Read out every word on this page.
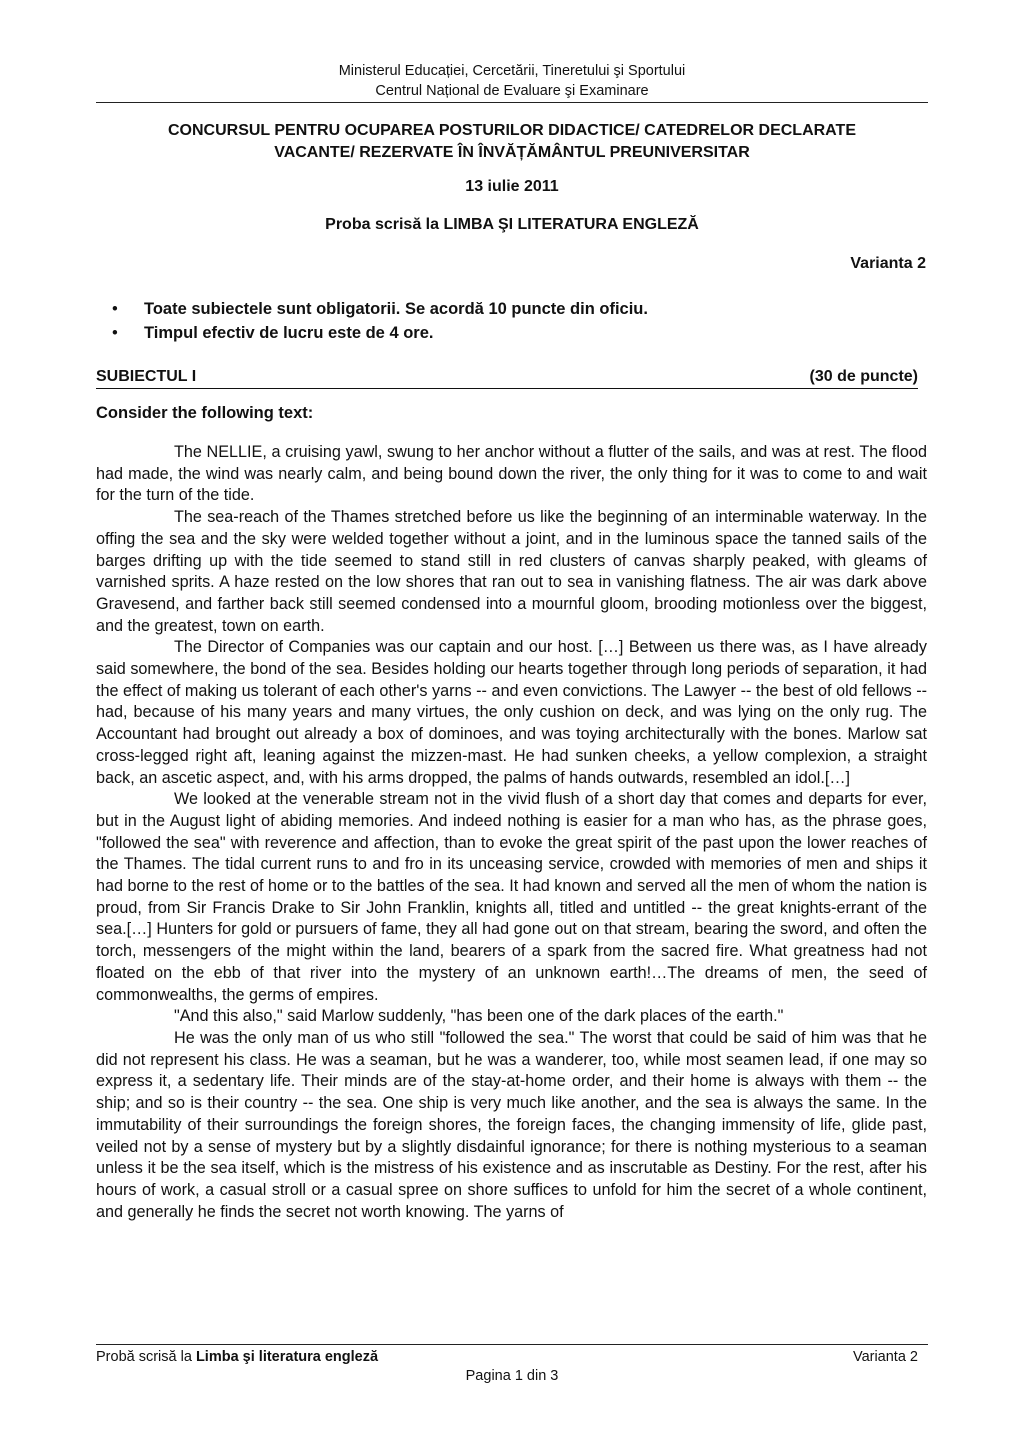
Ministerul Educației, Cercetării, Tineretului şi Sportului
Centrul Național de Evaluare şi Examinare
CONCURSUL PENTRU OCUPAREA POSTURILOR DIDACTICE/ CATEDRELOR DECLARATE
VACANTE/ REZERVATE ÎN ÎNVĂȚĂMÂNTUL PREUNIVERSITAR
13 iulie 2011
Proba scrisă la LIMBA ŞI LITERATURA ENGLEZĂ
Varianta 2
• Toate subiectele sunt obligatorii. Se acordă 10 puncte din oficiu.
• Timpul efectiv de lucru este de 4 ore.
SUBIECTUL I	(30 de puncte)
Consider the following text:

The NELLIE, a cruising yawl, swung to her anchor without a flutter of the sails, and was at rest. The flood had made, the wind was nearly calm, and being bound down the river, the only thing for it was to come to and wait for the turn of the tide.

The sea-reach of the Thames stretched before us like the beginning of an interminable waterway. In the offing the sea and the sky were welded together without a joint, and in the luminous space the tanned sails of the barges drifting up with the tide seemed to stand still in red clusters of canvas sharply peaked, with gleams of varnished sprits. A haze rested on the low shores that ran out to sea in vanishing flatness. The air was dark above Gravesend, and farther back still seemed condensed into a mournful gloom, brooding motionless over the biggest, and the greatest, town on earth.

The Director of Companies was our captain and our host. […] Between us there was, as I have already said somewhere, the bond of the sea. Besides holding our hearts together through long periods of separation, it had the effect of making us tolerant of each other's yarns -- and even convictions. The Lawyer -- the best of old fellows -- had, because of his many years and many virtues, the only cushion on deck, and was lying on the only rug. The Accountant had brought out already a box of dominoes, and was toying architecturally with the bones. Marlow sat cross-legged right aft, leaning against the mizzen-mast. He had sunken cheeks, a yellow complexion, a straight back, an ascetic aspect, and, with his arms dropped, the palms of hands outwards, resembled an idol.[…]

We looked at the venerable stream not in the vivid flush of a short day that comes and departs for ever, but in the August light of abiding memories. And indeed nothing is easier for a man who has, as the phrase goes, "followed the sea" with reverence and affection, than to evoke the great spirit of the past upon the lower reaches of the Thames. The tidal current runs to and fro in its unceasing service, crowded with memories of men and ships it had borne to the rest of home or to the battles of the sea. It had known and served all the men of whom the nation is proud, from Sir Francis Drake to Sir John Franklin, knights all, titled and untitled -- the great knights-errant of the sea.[…] Hunters for gold or pursuers of fame, they all had gone out on that stream, bearing the sword, and often the torch, messengers of the might within the land, bearers of a spark from the sacred fire. What greatness had not floated on the ebb of that river into the mystery of an unknown earth!…The dreams of men, the seed of commonwealths, the germs of empires.

"And this also," said Marlow suddenly, "has been one of the dark places of the earth."

He was the only man of us who still "followed the sea." The worst that could be said of him was that he did not represent his class. He was a seaman, but he was a wanderer, too, while most seamen lead, if one may so express it, a sedentary life. Their minds are of the stay-at-home order, and their home is always with them -- the ship; and so is their country -- the sea. One ship is very much like another, and the sea is always the same. In the immutability of their surroundings the foreign shores, the foreign faces, the changing immensity of life, glide past, veiled not by a sense of mystery but by a slightly disdainful ignorance; for there is nothing mysterious to a seaman unless it be the sea itself, which is the mistress of his existence and as inscrutable as Destiny. For the rest, after his hours of work, a casual stroll or a casual spree on shore suffices to unfold for him the secret of a whole continent, and generally he finds the secret not worth knowing. The yarns of

Probă scrisă la Limba şi literatura engleză	Varianta 2
Pagina 1 din 3
